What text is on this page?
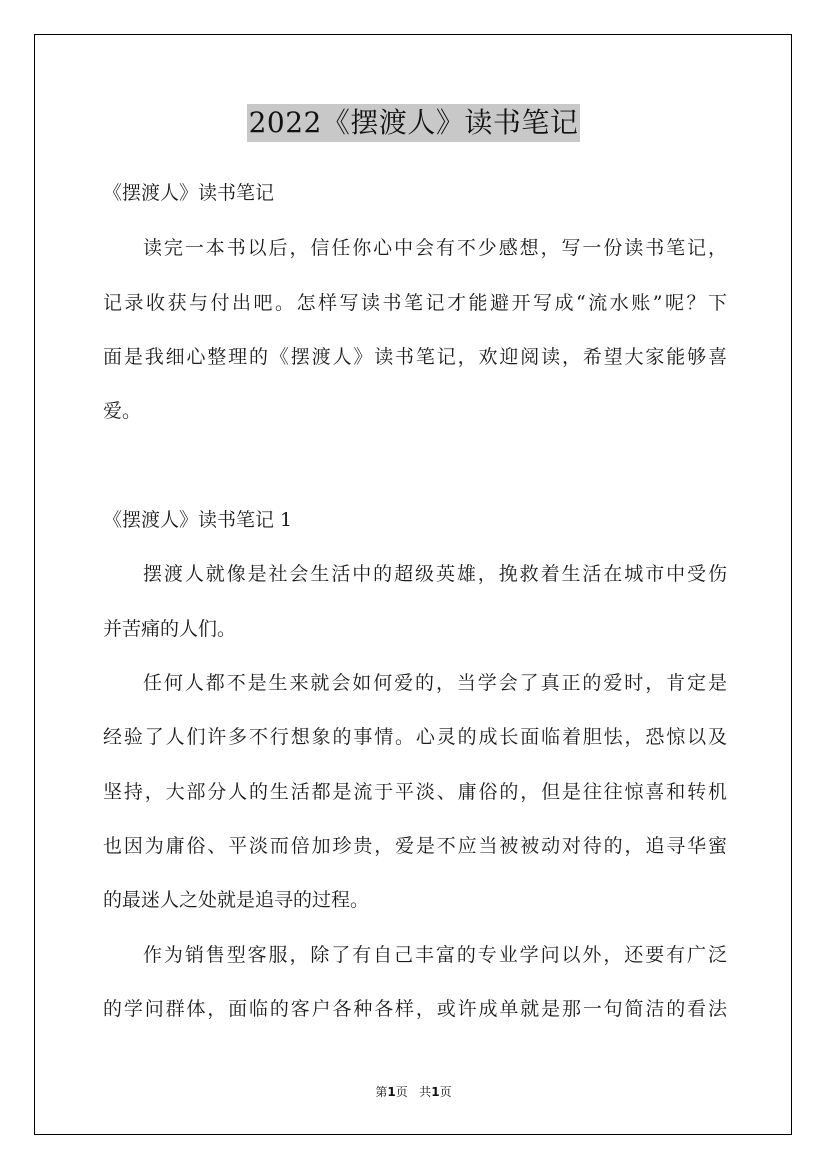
2022《摆渡人》读书笔记
《摆渡人》读书笔记
读完一本书以后，信任你心中会有不少感想，写一份读书笔记，
记录收获与付出吧。怎样写读书笔记才能避开写成“流水账”呢？下
面是我细心整理的《摆渡人》读书笔记，欢迎阅读，希望大家能够喜
爱。
《摆渡人》读书笔记 1
摆渡人就像是社会生活中的超级英雄，挽救着生活在城市中受伤
并苦痛的人们。
任何人都不是生来就会如何爱的，当学会了真正的爱时，肯定是
经验了人们许多不行想象的事情。心灵的成长面临着胆怯，恐惊以及
坚持，大部分人的生活都是流于平淡、庸俗的，但是往往惊喜和转机
也因为庸俗、平淡而倍加珍贵，爱是不应当被被动对待的，追寻华蜜
的最迷人之处就是追寻的过程。
作为销售型客服，除了有自己丰富的专业学问以外，还要有广泛
的学问群体，面临的客户各种各样，或许成单就是那一句简洁的看法
第1页 共1页
